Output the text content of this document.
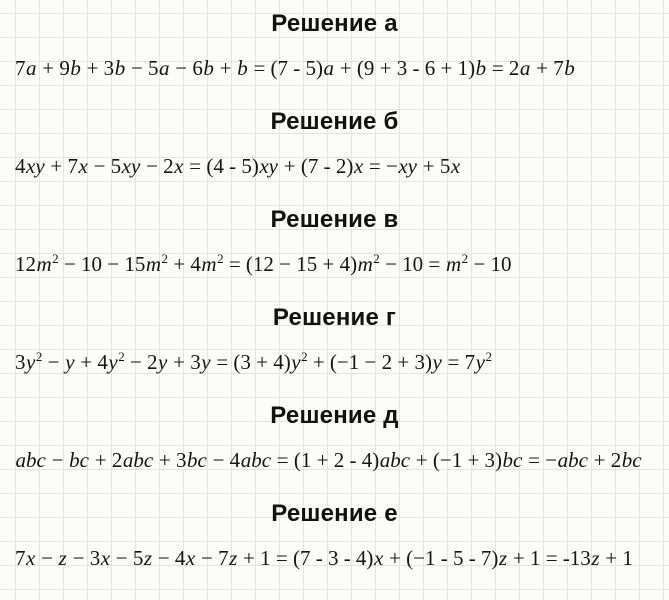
Решение а

7a + 9b + 3b − 5a − 6b + b = (7 - 5)a + (9 + 3 - 6 + 1)b = 2a + 7b

Решение б

4xy + 7x − 5xy − 2x = (4 - 5)xy + (7 - 2)x = −xy + 5x

Решение в

$12m^2 - 10 - 15m^2 + 4m^2 = (12 - 15 + 4)m^2 - 10 = m^2 - 10$

Решение г

$3y^2 - y + 4y^2 - 2y + 3y = (3 + 4)y^2 + (-1 - 2 + 3)y = 7y^2$

Решение д

abc − bc + 2abc + 3bc − 4abc = (1 + 2 - 4)abc + (−1 + 3)bc = −abc + 2bc

Решение е

7x − z − 3x − 5z − 4x − 7z + 1 = (7 - 3 - 4)x + (−1 - 5 - 7)z + 1 = -13z + 1
